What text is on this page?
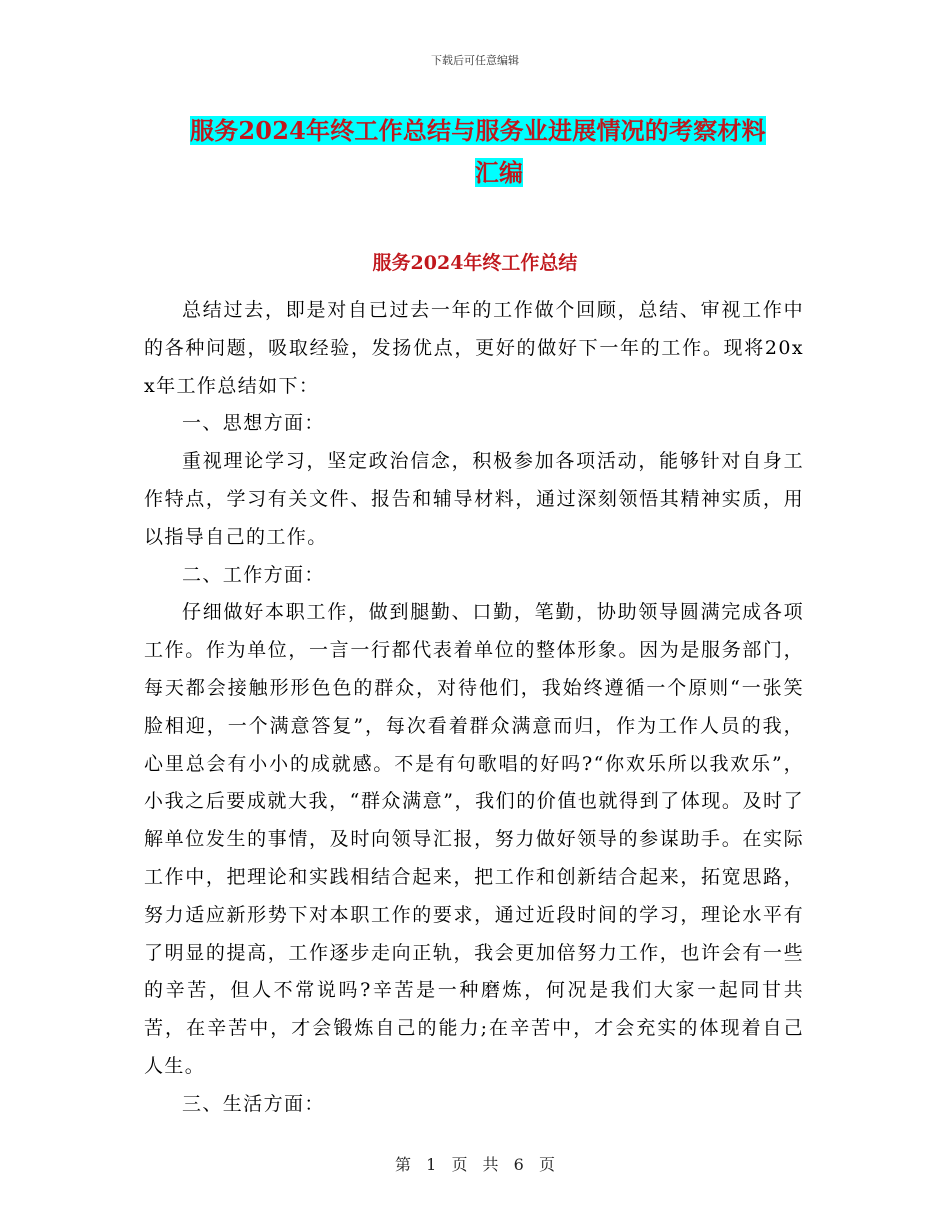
下载后可任意编辑
服务2024年终工作总结与服务业进展情况的考察材料
汇编
服务2024年终工作总结

总结过去，即是对自已过去一年的工作做个回顾，总结、审视工作中的各种问题，吸取经验，发扬优点，更好的做好下一年的工作。现将20xx年工作总结如下：

一、思想方面：

重视理论学习，坚定政治信念，积极参加各项活动，能够针对自身工作特点，学习有关文件、报告和辅导材料，通过深刻领悟其精神实质，用以指导自己的工作。

二、工作方面：

仔细做好本职工作，做到腿勤、口勤，笔勤，协助领导圆满完成各项工作。作为单位，一言一行都代表着单位的整体形象。因为是服务部门，每天都会接触形形色色的群众，对待他们，我始终遵循一个原则“一张笑脸相迎，一个满意答复”，每次看着群众满意而归，作为工作人员的我，心里总会有小小的成就感。不是有句歌唱的好吗?“你欢乐所以我欢乐”，小我之后要成就大我，“群众满意”，我们的价值也就得到了体现。及时了解单位发生的事情，及时向领导汇报，努力做好领导的参谋助手。在实际工作中，把理论和实践相结合起来，把工作和创新结合起来，拓宽思路，努力适应新形势下对本职工作的要求，通过近段时间的学习，理论水平有了明显的提高，工作逐步走向正轨，我会更加倍努力工作，也许会有一些的辛苦，但人不常说吗?辛苦是一种磨炼，何况是我们大家一起同甘共苦，在辛苦中，才会锻炼自己的能力;在辛苦中，才会充实的体现着自己人生。

三、生活方面：

第 1 页 共 6 页
